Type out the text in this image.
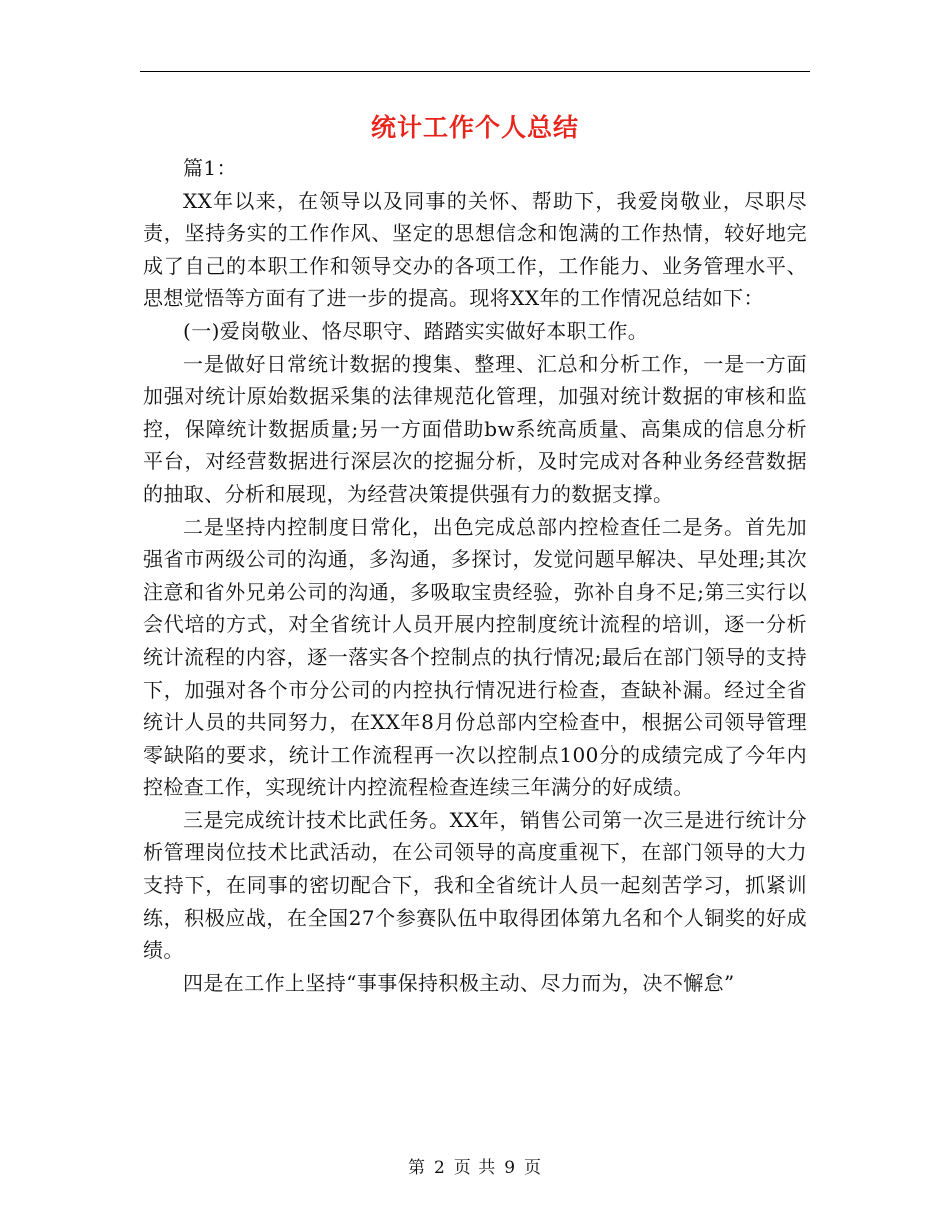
统计工作个人总结

篇1：

XX年以来，在领导以及同事的关怀、帮助下，我爱岗敬业，尽职尽责，坚持务实的工作作风、坚定的思想信念和饱满的工作热情，较好地完成了自己的本职工作和领导交办的各项工作，工作能力、业务管理水平、思想觉悟等方面有了进一步的提高。现将XX年的工作情况总结如下：

(一)爱岗敬业、恪尽职守、踏踏实实做好本职工作。

一是做好日常统计数据的搜集、整理、汇总和分析工作，一是一方面加强对统计原始数据采集的法律规范化管理，加强对统计数据的审核和监控，保障统计数据质量;另一方面借助bw系统高质量、高集成的信息分析平台，对经营数据进行深层次的挖掘分析，及时完成对各种业务经营数据的抽取、分析和展现，为经营决策提供强有力的数据支撑。

二是坚持内控制度日常化，出色完成总部内控检查任二是务。首先加强省市两级公司的沟通，多沟通，多探讨，发觉问题早解决、早处理;其次注意和省外兄弟公司的沟通，多吸取宝贵经验，弥补自身不足;第三实行以会代培的方式，对全省统计人员开展内控制度统计流程的培训，逐一分析统计流程的内容，逐一落实各个控制点的执行情况;最后在部门领导的支持下，加强对各个市分公司的内控执行情况进行检查，查缺补漏。经过全省统计人员的共同努力，在XX年8月份总部内空检查中，根据公司领导管理零缺陷的要求，统计工作流程再一次以控制点100分的成绩完成了今年内控检查工作，实现统计内控流程检查连续三年满分的好成绩。

三是完成统计技术比武任务。XX年，销售公司第一次三是进行统计分析管理岗位技术比武活动，在公司领导的高度重视下，在部门领导的大力支持下，在同事的密切配合下，我和全省统计人员一起刻苦学习，抓紧训练，积极应战，在全国27个参赛队伍中取得团体第九名和个人铜奖的好成绩。

四是在工作上坚持“事事保持积极主动、尽力而为，决不懈怠”

第 2 页 共 9 页
